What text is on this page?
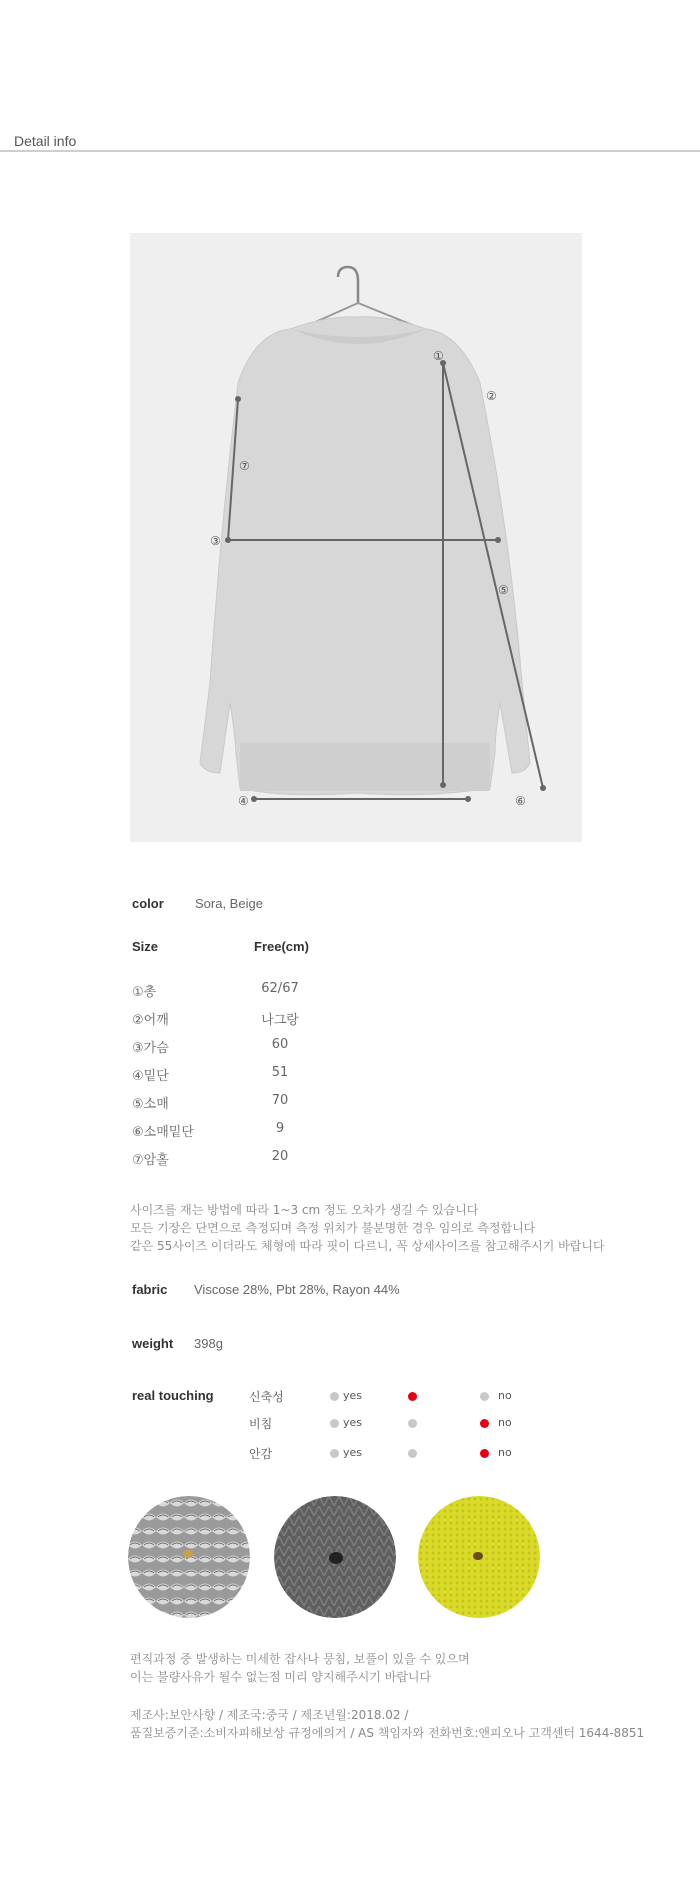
Detail info
①
②
③
④
⑤
⑥
⑦
color Sora, Beige
Size	Free(cm)
①총	62/67
②어깨	나그랑
③가슴	60
④밑단	51
⑤소매	70
⑥소매밑단	9
⑦암홀	20
사이즈를 재는 방법에 따라 1~3 cm 정도 오차가 생길 수 있습니다
모든 기장은 단면으로 측정되며 측정 위치가 불분명한 경우 임의로 측정합니다
같은 55사이즈 이더라도 체형에 따라 핏이 다르니, 꼭 상세사이즈를 참고해주시기 바랍니다
fabric Viscose 28%, Pbt 28%, Rayon 44%
weight 398g
real touching	신축성	yes	no
비침	yes	no
안감	yes	no
편직과정 중 발생하는 미세한 잡사나 뭉침, 보풀이 있을 수 있으며
이는 불량사유가 될수 없는점 미리 양지해주시기 바랍니다
제조사:보안사향 / 제조국:중국 / 제조년월:2018.02 /
품질보증기준:소비자피해보상 규정에의거 / AS 책임자와 전화번호:앤피오나 고객센터 1644-8851
